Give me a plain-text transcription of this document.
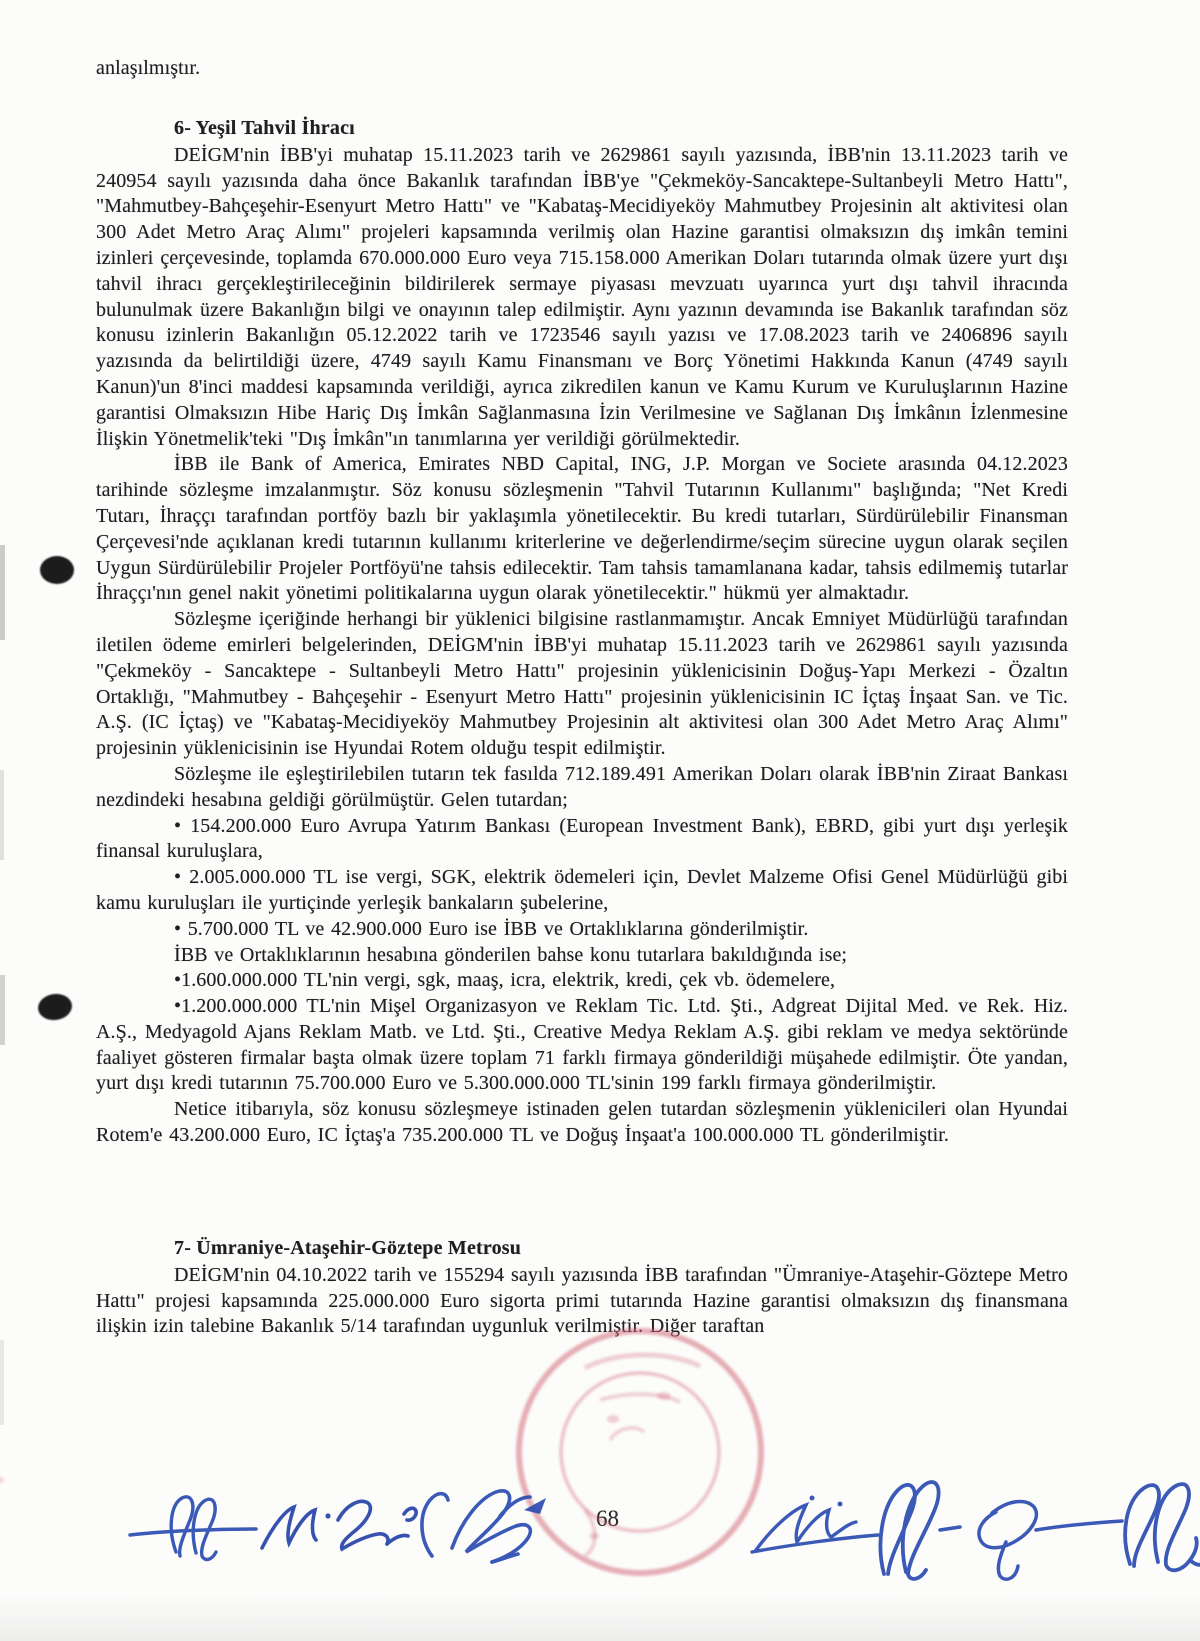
anlaşılmıştır.

6- Yeşil Tahvil İhracı

DEİGM'nin İBB'yi muhatap 15.11.2023 tarih ve 2629861 sayılı yazısında, İBB'nin 13.11.2023 tarih ve 240954 sayılı yazısında daha önce Bakanlık tarafından İBB'ye "Çekmeköy-Sancaktepe-Sultanbeyli Metro Hattı", "Mahmutbey-Bahçeşehir-Esenyurt Metro Hattı" ve "Kabataş-Mecidiyeköy Mahmutbey Projesinin alt aktivitesi olan 300 Adet Metro Araç Alımı" projeleri kapsamında verilmiş olan Hazine garantisi olmaksızın dış imkân temini izinleri çerçevesinde, toplamda 670.000.000 Euro veya 715.158.000 Amerikan Doları tutarında olmak üzere yurt dışı tahvil ihracı gerçekleştirileceğinin bildirilerek sermaye piyasası mevzuatı uyarınca yurt dışı tahvil ihracında bulunulmak üzere Bakanlığın bilgi ve onayının talep edilmiştir. Aynı yazının devamında ise Bakanlık tarafından söz konusu izinlerin Bakanlığın 05.12.2022 tarih ve 1723546 sayılı yazısı ve 17.08.2023 tarih ve 2406896 sayılı yazısında da belirtildiği üzere, 4749 sayılı Kamu Finansmanı ve Borç Yönetimi Hakkında Kanun (4749 sayılı Kanun)'un 8'inci maddesi kapsamında verildiği, ayrıca zikredilen kanun ve Kamu Kurum ve Kuruluşlarının Hazine garantisi Olmaksızın Hibe Hariç Dış İmkân Sağlanmasına İzin Verilmesine ve Sağlanan Dış İmkânın İzlenmesine İlişkin Yönetmelik'teki "Dış İmkân"ın tanımlarına yer verildiği görülmektedir.

İBB ile Bank of America, Emirates NBD Capital, ING, J.P. Morgan ve Societe arasında 04.12.2023 tarihinde sözleşme imzalanmıştır. Söz konusu sözleşmenin "Tahvil Tutarının Kullanımı" başlığında; "Net Kredi Tutarı, İhraççı tarafından portföy bazlı bir yaklaşımla yönetilecektir. Bu kredi tutarları, Sürdürülebilir Finansman Çerçevesi'nde açıklanan kredi tutarının kullanımı kriterlerine ve değerlendirme/seçim sürecine uygun olarak seçilen Uygun Sürdürülebilir Projeler Portföyü'ne tahsis edilecektir. Tam tahsis tamamlanana kadar, tahsis edilmemiş tutarlar İhraççı'nın genel nakit yönetimi politikalarına uygun olarak yönetilecektir." hükmü yer almaktadır.

Sözleşme içeriğinde herhangi bir yüklenici bilgisine rastlanmamıştır. Ancak Emniyet Müdürlüğü tarafından iletilen ödeme emirleri belgelerinden, DEİGM'nin İBB'yi muhatap 15.11.2023 tarih ve 2629861 sayılı yazısında "Çekmeköy - Sancaktepe - Sultanbeyli Metro Hattı" projesinin yüklenicisinin Doğuş-Yapı Merkezi - Özaltın Ortaklığı, "Mahmutbey - Bahçeşehir - Esenyurt Metro Hattı" projesinin yüklenicisinin IC İçtaş İnşaat San. ve Tic. A.Ş. (IC İçtaş) ve "Kabataş-Mecidiyeköy Mahmutbey Projesinin alt aktivitesi olan 300 Adet Metro Araç Alımı" projesinin yüklenicisinin ise Hyundai Rotem olduğu tespit edilmiştir.

Sözleşme ile eşleştirilebilen tutarın tek fasılda 712.189.491 Amerikan Doları olarak İBB'nin Ziraat Bankası nezdindeki hesabına geldiği görülmüştür. Gelen tutardan;

• 154.200.000 Euro Avrupa Yatırım Bankası (European Investment Bank), EBRD, gibi yurt dışı yerleşik finansal kuruluşlara,

• 2.005.000.000 TL ise vergi, SGK, elektrik ödemeleri için, Devlet Malzeme Ofisi Genel Müdürlüğü gibi kamu kuruluşları ile yurtiçinde yerleşik bankaların şubelerine,

• 5.700.000 TL ve 42.900.000 Euro ise İBB ve Ortaklıklarına gönderilmiştir.

İBB ve Ortaklıklarının hesabına gönderilen bahse konu tutarlara bakıldığında ise;

•1.600.000.000 TL'nin vergi, sgk, maaş, icra, elektrik, kredi, çek vb. ödemelere,

•1.200.000.000 TL'nin Mişel Organizasyon ve Reklam Tic. Ltd. Şti., Adgreat Dijital Med. ve Rek. Hiz. A.Ş., Medyagold Ajans Reklam Matb. ve Ltd. Şti., Creative Medya Reklam A.Ş. gibi reklam ve medya sektöründe faaliyet gösteren firmalar başta olmak üzere toplam 71 farklı firmaya gönderildiği müşahede edilmiştir. Öte yandan, yurt dışı kredi tutarının 75.700.000 Euro ve 5.300.000.000 TL'sinin 199 farklı firmaya gönderilmiştir.

Netice itibarıyla, söz konusu sözleşmeye istinaden gelen tutardan sözleşmenin yüklenicileri olan Hyundai Rotem'e 43.200.000 Euro, IC İçtaş'a 735.200.000 TL ve Doğuş İnşaat'a 100.000.000 TL gönderilmiştir.

7- Ümraniye-Ataşehir-Göztepe Metrosu

DEİGM'nin 04.10.2022 tarih ve 155294 sayılı yazısında İBB tarafından "Ümraniye-Ataşehir-Göztepe Metro Hattı" projesi kapsamında 225.000.000 Euro sigorta primi tutarında Hazine garantisi olmaksızın dış finansmana ilişkin izin talebine Bakanlık 5/14 tarafından uygunluk verilmiştir. Diğer taraftan

68
